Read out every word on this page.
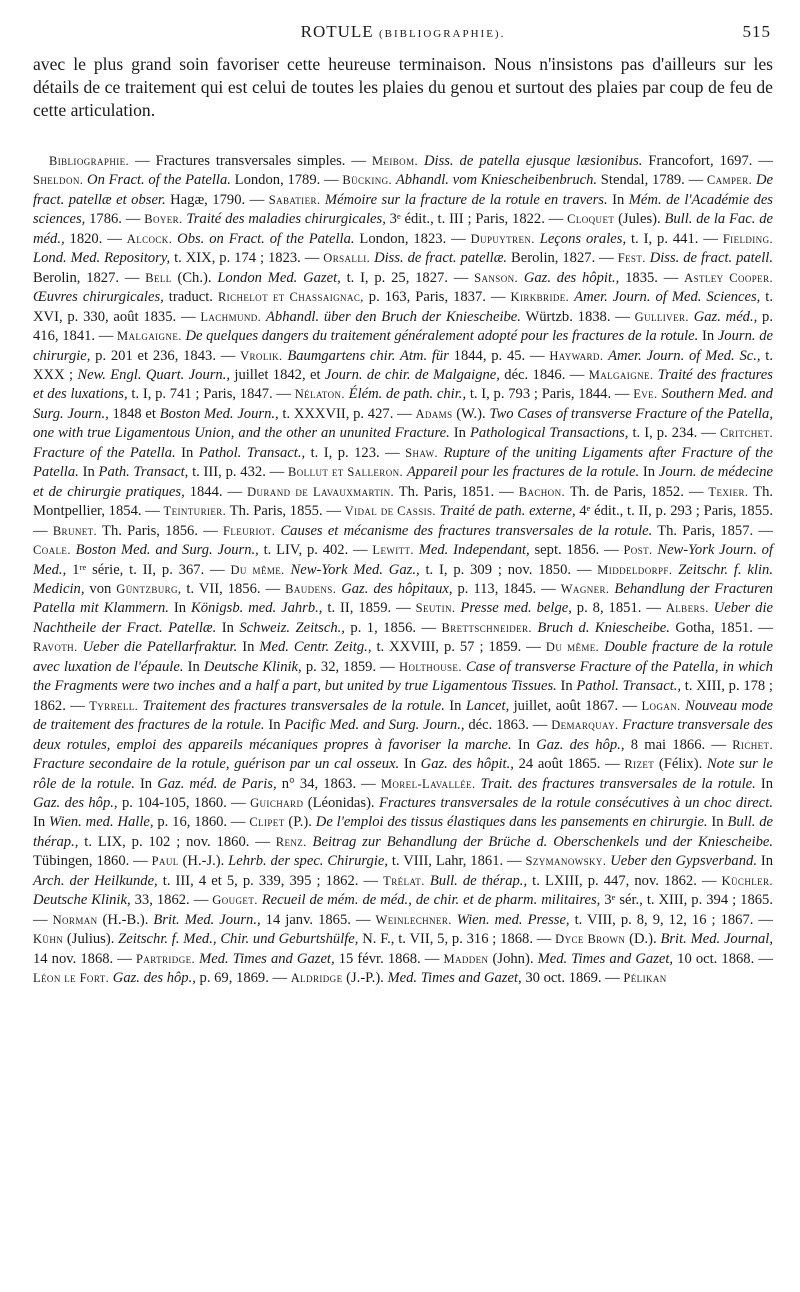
ROTULE (BIBLIOGRAPHIE).	515

avec le plus grand soin favoriser cette heureuse terminaison. Nous n'insistons pas d'ailleurs sur les détails de ce traitement qui est celui de toutes les plaies du genou et surtout des plaies par coup de feu de cette articulation.

Bibliographie. — Fractures transversales simples. — Meibom. Diss. de patella ejusque læsionibus. Francofort, 1697. — Sheldon. On Fract. of the Patella. London, 1789. — Bücking. Abhandl. vom Kniescheibenbruch. Stendal, 1789. — Camper. De fract. patellæ et obser. Hagæ, 1790. — Sabatier. Mémoire sur la fracture de la rotule en travers. In Mém. de l'Académie des sciences, 1786. — Boyer. Traité des maladies chirurgicales, 3ᵉ édit., t. III ; Paris, 1822. — Cloquet (Jules). Bull. de la Fac. de méd., 1820. — Alcock. Obs. on Fract. of the Patella. London, 1823. — Dupuytren. Leçons orales, t. I, p. 441. — Fielding. Lond. Med. Repository, t. XIX, p. 174 ; 1823. — Orsalli. Diss. de fract. patellæ. Berolin, 1827. — Fest. Diss. de fract. patell. Berolin, 1827. — Bell (Ch.). London Med. Gazet, t. I, p. 25, 1827. — Sanson. Gaz. des hôpit., 1835. — Astley Cooper. Œuvres chirurgicales, traduct. Richelot et Chassaignac, p. 163, Paris, 1837. — Kirkbride. Amer. Journ. of Med. Sciences, t. XVI, p. 330, août 1835. — Lachmund. Abhandl. über den Bruch der Kniescheibe. Würtzb. 1838. — Gulliver. Gaz. méd., p. 416, 1841. — Malgaigne. De quelques dangers du traitement généralement adopté pour les fractures de la rotule. In Journ. de chirurgie, p. 201 et 236, 1843. — Vrolik. Baumgartens chir. Atm. für 1844, p. 45. — Hayward. Amer. Journ. of Med. Sc., t. XXX ; New. Engl. Quart. Journ., juillet 1842, et Journ. de chir. de Malgaigne, déc. 1846. — Malgaigne. Traité des fractures et des luxations, t. I, p. 741 ; Paris, 1847. — Nélaton. Élém. de path. chir., t. I, p. 793 ; Paris, 1844. — Eve. Southern Med. and Surg. Journ., 1848 et Boston Med. Journ., t. XXXVII, p. 427. — Adams (W.). Two Cases of transverse Fracture of the Patella, one with true Ligamentous Union, and the other an ununited Fracture. In Pathological Transactions, t. I, p. 234. — Critchet. Fracture of the Patella. In Pathol. Transact., t. I, p. 123. — Shaw. Rupture of the uniting Ligaments after Fracture of the Patella. In Path. Transact, t. III, p. 432. — Bollut et Salleron. Appareil pour les fractures de la rotule. In Journ. de médecine et de chirurgie pratiques, 1844. — Durand de Lavauxmartin. Th. Paris, 1851. — Bachon. Th. de Paris, 1852. — Texier. Th. Montpellier, 1854. — Teinturier. Th. Paris, 1855. — Vidal de Cassis. Traité de path. externe, 4ᵉ édit., t. II, p. 293 ; Paris, 1855. — Brunet. Th. Paris, 1856. — Fleuriot. Causes et mécanisme des fractures transversales de la rotule. Th. Paris, 1857. — Coale. Boston Med. and Surg. Journ., t. LIV, p. 402. — Lewitt. Med. Independant, sept. 1856. — Post. New-York Journ. of Med., 1ʳᵉ série, t. II, p. 367. — Du même. New-York Med. Gaz., t. I, p. 309 ; nov. 1850. — Middeldorpf. Zeitschr. f. klin. Medicin, von Güntzburg, t. VII, 1856. — Baudens. Gaz. des hôpitaux, p. 113, 1845. — Wagner. Behandlung der Fracturen Patella mit Klammern. In Königsb. med. Jahrb., t. II, 1859. — Seutin. Presse med. belge, p. 8, 1851. — Albers. Ueber die Nachtheile der Fract. Patellæ. In Schweiz. Zeitsch., p. 1, 1856. — Brettschneider. Bruch d. Kniescheibe. Gotha, 1851. — Ravoth. Ueber die Patellarfraktur. In Med. Centr. Zeitg., t. XXVIII, p. 57 ; 1859. — Du même. Double fracture de la rotule avec luxation de l'épaule. In Deutsche Klinik, p. 32, 1859. — Holthouse. Case of transverse Fracture of the Patella, in which the Fragments were two inches and a half a part, but united by true Ligamentous Tissues. In Pathol. Transact., t. XIII, p. 178 ; 1862. — Tyrrell. Traitement des fractures transversales de la rotule. In Lancet, juillet, août 1867. — Logan. Nouveau mode de traitement des fractures de la rotule. In Pacific Med. and Surg. Journ., déc. 1863. — Demarquay. Fracture transversale des deux rotules, emploi des appareils mécaniques propres à favoriser la marche. In Gaz. des hôp., 8 mai 1866. — Richet. Fracture secondaire de la rotule, guérison par un cal osseux. In Gaz. des hôpit., 24 août 1865. — Rizet (Félix). Note sur le rôle de la rotule. In Gaz. méd. de Paris, n° 34, 1863. — Morel-Lavallée. Trait. des fractures transversales de la rotule. In Gaz. des hôp., p. 104-105, 1860. — Guichard (Léonidas). Fractures transversales de la rotule consécutives à un choc direct. In Wien. med. Halle, p. 16, 1860. — Clipet (P.). De l'emploi des tissus élastiques dans les pansements en chirurgie. In Bull. de thérap., t. LIX, p. 102 ; nov. 1860. — Renz. Beitrag zur Behandlung der Brüche d. Oberschenkels und der Kniescheibe. Tübingen, 1860. — Paul (H.-J.). Lehrb. der spec. Chirurgie, t. VIII, Lahr, 1861. — Szymanowsky. Ueber den Gypsverband. In Arch. der Heilkunde, t. III, 4 et 5, p. 339, 395 ; 1862. — Trélat. Bull. de thérap., t. LXIII, p. 447, nov. 1862. — Küchler. Deutsche Klinik, 33, 1862. — Gouget. Recueil de mém. de méd., de chir. et de pharm. militaires, 3ᵉ sér., t. XIII, p. 394 ; 1865. — Norman (H.-B.). Brit. Med. Journ., 14 janv. 1865. — Weinlechner. Wien. med. Presse, t. VIII, p. 8, 9, 12, 16 ; 1867. — Kühn (Julius). Zeitschr. f. Med., Chir. und Geburtshülfe, N. F., t. VII, 5, p. 316 ; 1868. — Dyce Brown (D.). Brit. Med. Journal, 14 nov. 1868. — Partridge. Med. Times and Gazet, 15 févr. 1868. — Madden (John). Med. Times and Gazet, 10 oct. 1868. — Léon le Fort. Gaz. des hôp., p. 69, 1869. — Aldridge (J.-P.). Med. Times and Gazet, 30 oct. 1869. — Pélikan
